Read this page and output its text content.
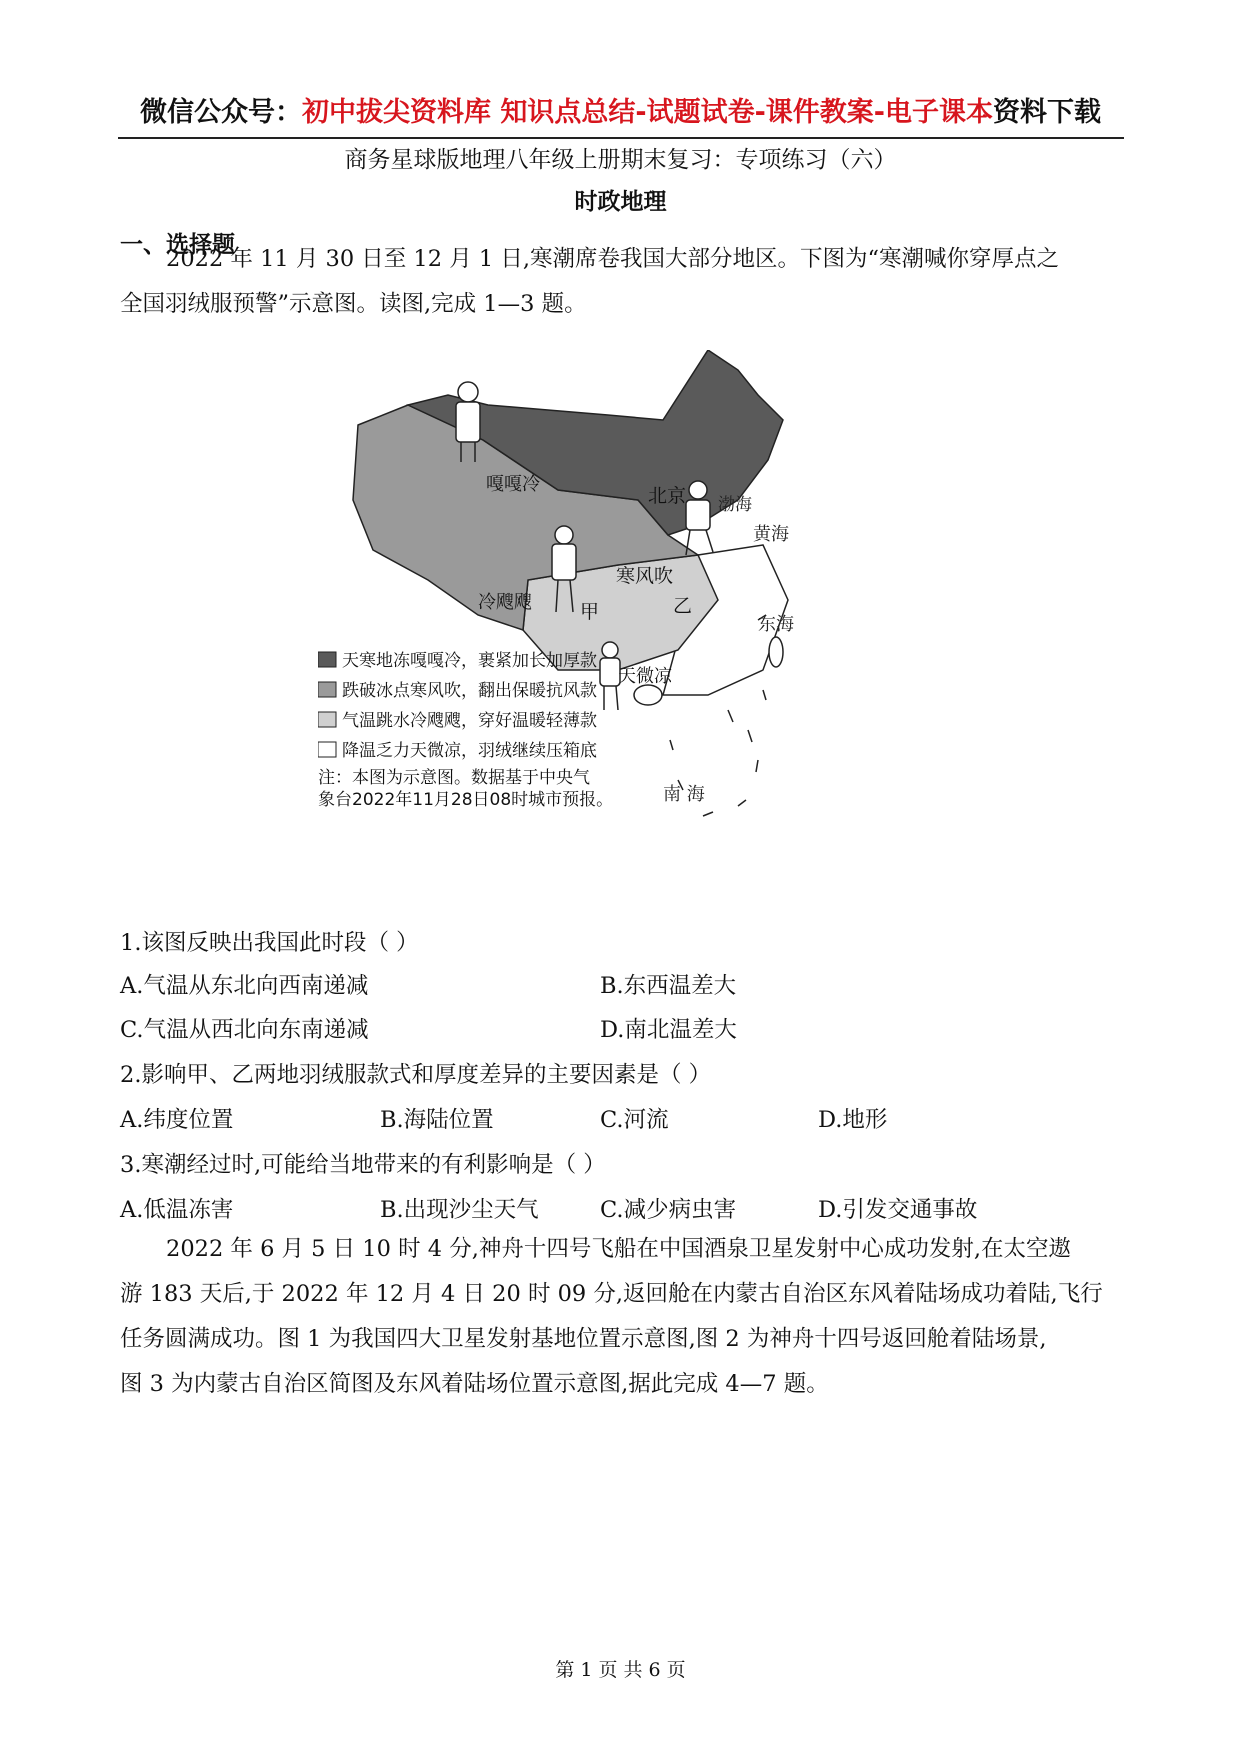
微信公众号：初中拔尖资料库 知识点总结-试题试卷-课件教案-电子课本资料下载
商务星球版地理八年级上册期末复习：专项练习（六）
时政地理
一、选择题
2022 年 11 月 30 日至 12 月 1 日,寒潮席卷我国大部分地区。下图为“寒潮喊你穿厚点之
全国羽绒服预警”示意图。读图,完成 1—3 题。
嘎嘎冷
北京 渤海
黄海
寒风吹
冷飕飕	甲	乙
东海
天微凉
南 海
天寒地冻嘎嘎冷，裹紧加长加厚款
跌破冰点寒风吹，翻出保暖抗风款
气温跳水冷飕飕，穿好温暖轻薄款
降温乏力天微凉，羽绒继续压箱底
注：本图为示意图。数据基于中央气
象台2022年11月28日08时城市预报。
1.该图反映出我国此时段（ ）
A.气温从东北向西南递减	B.东西温差大
C.气温从西北向东南递减	D.南北温差大
2.影响甲、乙两地羽绒服款式和厚度差异的主要因素是（ ）
A.纬度位置	B.海陆位置	C.河流	D.地形
3.寒潮经过时,可能给当地带来的有利影响是（ ）
A.低温冻害	B.出现沙尘天气	C.减少病虫害	D.引发交通事故
2022 年 6 月 5 日 10 时 4 分,神舟十四号飞船在中国酒泉卫星发射中心成功发射,在太空遨
游 183 天后,于 2022 年 12 月 4 日 20 时 09 分,返回舱在内蒙古自治区东风着陆场成功着陆,飞行
任务圆满成功。图 1 为我国四大卫星发射基地位置示意图,图 2 为神舟十四号返回舱着陆场景,
图 3 为内蒙古自治区简图及东风着陆场位置示意图,据此完成 4—7 题。
第 1 页 共 6 页
